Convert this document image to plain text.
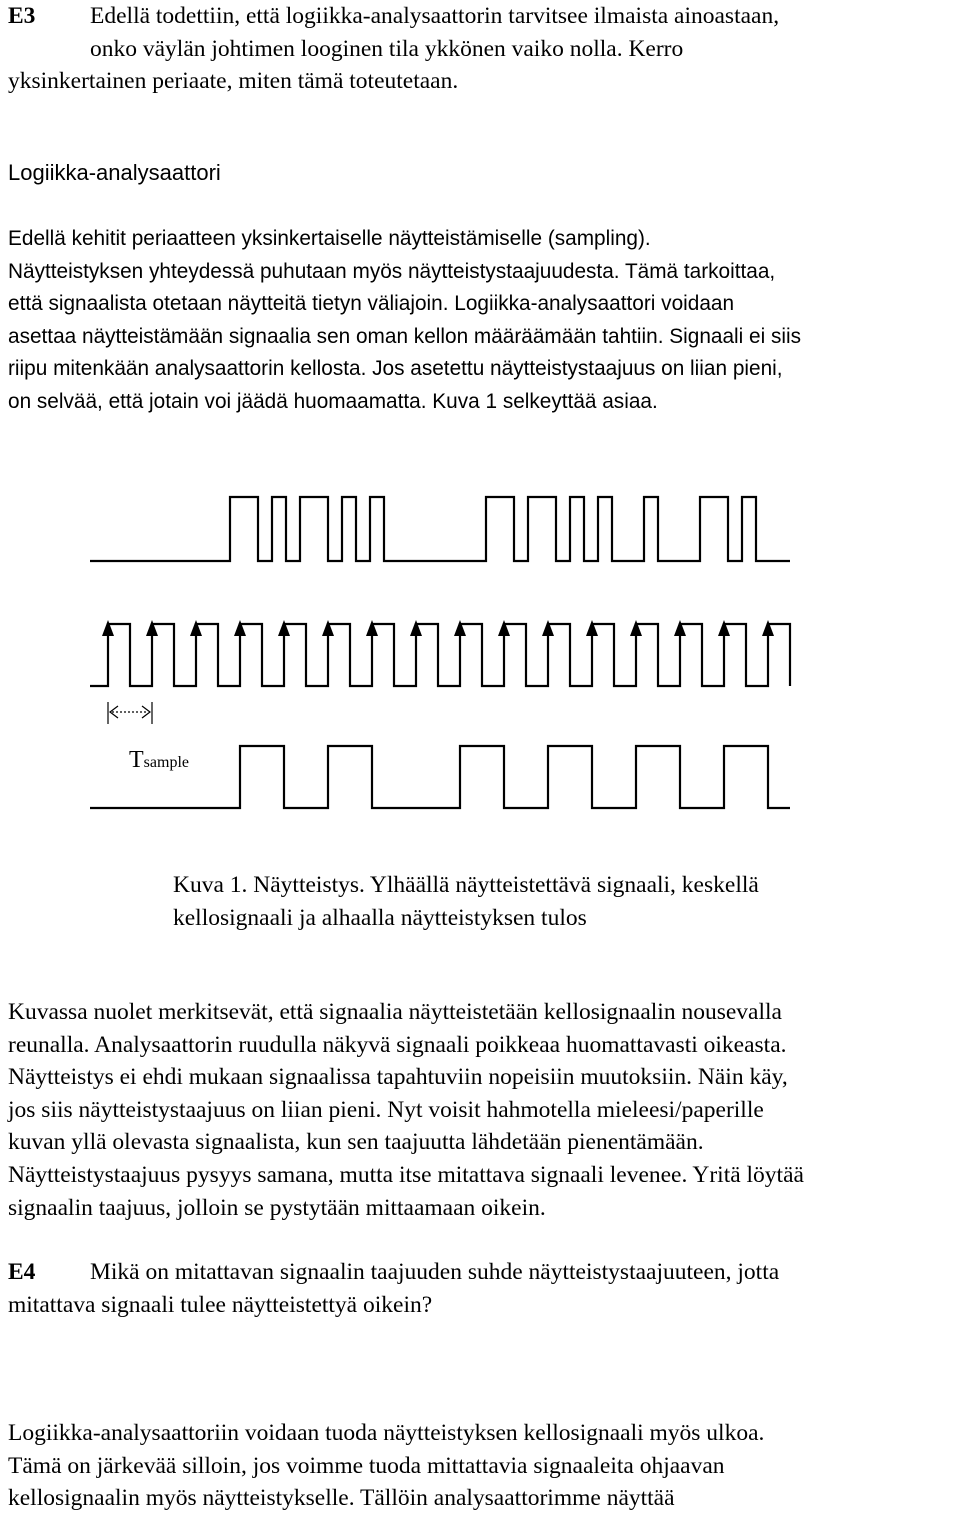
E3 Edellä todettiin, että logiikka-analysaattorin tarvitsee ilmaista ainoastaan,
onko väylän johtimen looginen tila ykkönen vaiko nolla. Kerro
yksinkertainen periaate, miten tämä toteutetaan.
Logiikka-analysaattori
Edellä kehitit periaatteen yksinkertaiselle näytteistämiselle (sampling).
Näytteistyksen yhteydessä puhutaan myös näytteistystaajuudesta. Tämä tarkoittaa,
että signaalista otetaan näytteitä tietyn väliajoin. Logiikka-analysaattori voidaan
asettaa näytteistämään signaalia sen oman kellon määräämään tahtiin. Signaali ei siis
riipu mitenkään analysaattorin kellosta. Jos asetettu näytteistystaajuus on liian pieni,
on selvää, että jotain voi jäädä huomaamatta. Kuva 1 selkeyttää asiaa.
Tsample
Kuva 1. Näytteistys. Ylhäällä näytteistettävä signaali, keskellä
kellosignaali ja alhaalla näytteistyksen tulos
Kuvassa nuolet merkitsevät, että signaalia näytteistetään kellosignaalin nousevalla
reunalla. Analysaattorin ruudulla näkyvä signaali poikkeaa huomattavasti oikeasta.
Näytteistys ei ehdi mukaan signaalissa tapahtuviin nopeisiin muutoksiin. Näin käy,
jos siis näytteistystaajuus on liian pieni. Nyt voisit hahmotella mieleesi/paperille
kuvan yllä olevasta signaalista, kun sen taajuutta lähdetään pienentämään.
Näytteistystaajuus pysyys samana, mutta itse mitattava signaali levenee. Yritä löytää
signaalin taajuus, jolloin se pystytään mittaamaan oikein.
E4 Mikä on mitattavan signaalin taajuuden suhde näytteistystaajuuteen, jotta
mitattava signaali tulee näytteistettyä oikein?
Logiikka-analysaattoriin voidaan tuoda näytteistyksen kellosignaali myös ulkoa.
Tämä on järkevää silloin, jos voimme tuoda mittattavia signaaleita ohjaavan
kellosignaalin myös näytteistykselle. Tällöin analysaattorimme näyttää
